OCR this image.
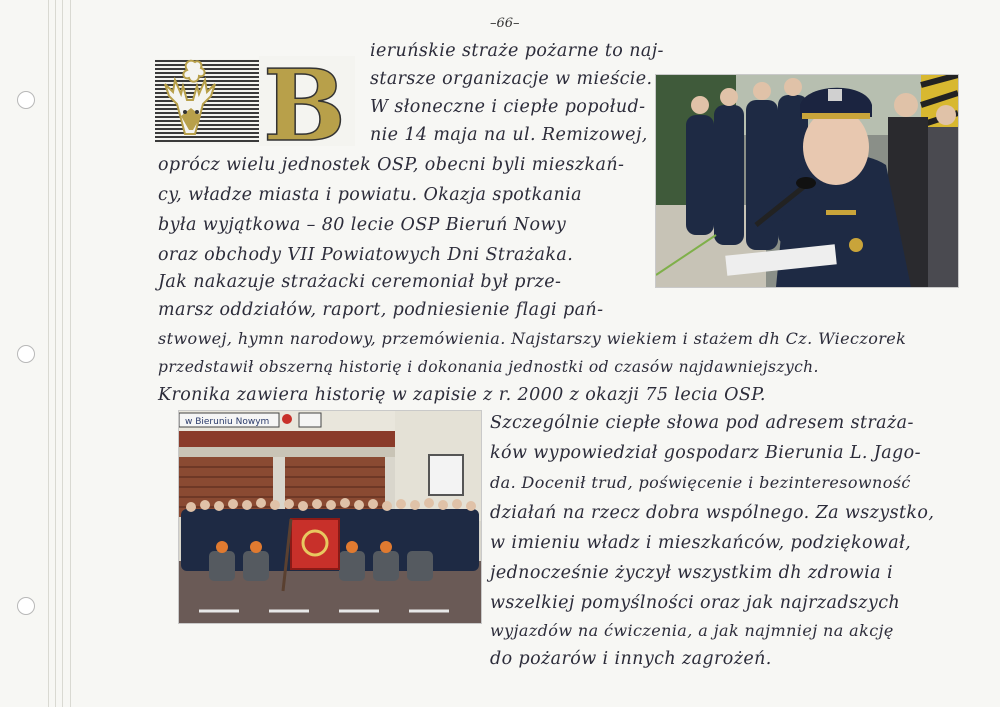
–66–
B
w Bieruniu Nowym
ieruńskie straże pożarne to naj-
starsze organizacje w mieście.
W słoneczne i ciepłe popołud-
nie 14 maja na ul. Remizowej,
oprócz wielu jednostek OSP, obecni byli mieszkań-
cy, władze miasta i powiatu. Okazja spotkania
była wyjątkowa – 80 lecie OSP Bieruń Nowy
oraz obchody VII Powiatowych Dni Strażaka.
Jak nakazuje strażacki ceremoniał był prze-
marsz oddziałów, raport, podniesienie flagi pań-
stwowej, hymn narodowy, przemówienia. Najstarszy wiekiem i stażem dh Cz. Wieczorek
przedstawił obszerną historię i dokonania jednostki od czasów najdawniejszych.
Kronika zawiera historię w zapisie z r. 2000 z okazji 75 lecia OSP.
Szczególnie ciepłe słowa pod adresem straża-
ków wypowiedział gospodarz Bierunia L. Jago-
da. Docenił trud, poświęcenie i bezinteresowność
działań na rzecz dobra wspólnego. Za wszystko,
w imieniu władz i mieszkańców, podziękował,
jednocześnie życzył wszystkim dh zdrowia i
wszelkiej pomyślności oraz jak najrzadszych
wyjazdów na ćwiczenia, a jak najmniej na akcję
do pożarów i innych zagrożeń.
